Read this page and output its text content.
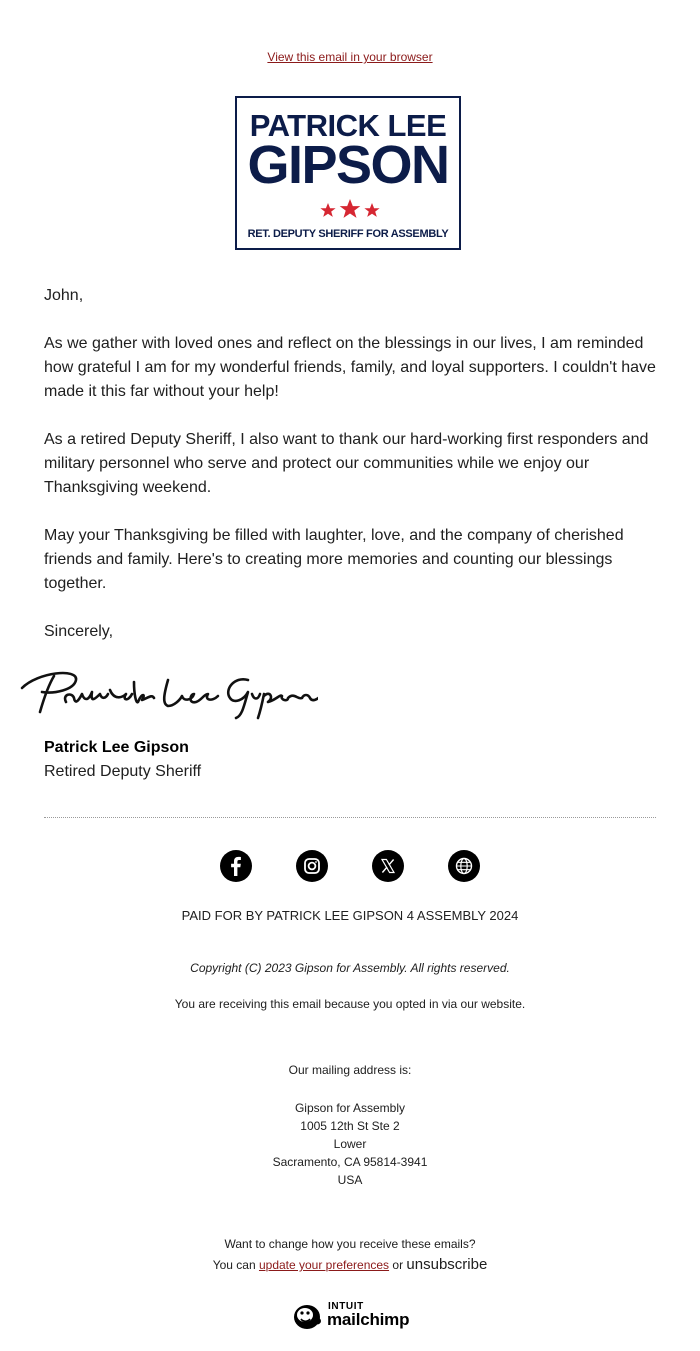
View this email in your browser
PATRICK LEE
GIPSON
RET. DEPUTY SHERIFF FOR ASSEMBLY

John,

As we gather with loved ones and reflect on the blessings in our lives, I am reminded how grateful I am for my wonderful friends, family, and loyal supporters. I couldn't have made it this far without your help!

As a retired Deputy Sheriff, I also want to thank our hard-working first responders and military personnel who serve and protect our communities while we enjoy our Thanksgiving weekend.

May your Thanksgiving be filled with laughter, love, and the company of cherished friends and family. Here's to creating more memories and counting our blessings together.

Sincerely,

Patrick Lee Gipson
Retired Deputy Sheriff
PAID FOR BY PATRICK LEE GIPSON 4 ASSEMBLY 2024
Copyright (C) 2023 Gipson for Assembly. All rights reserved.
You are receiving this email because you opted in via our website.
Our mailing address is:
Gipson for Assembly
1005 12th St Ste 2
Lower
Sacramento, CA 95814-3941
USA
Want to change how you receive these emails?
You can update your preferences or unsubscribe
INTUIT
mailchimp
